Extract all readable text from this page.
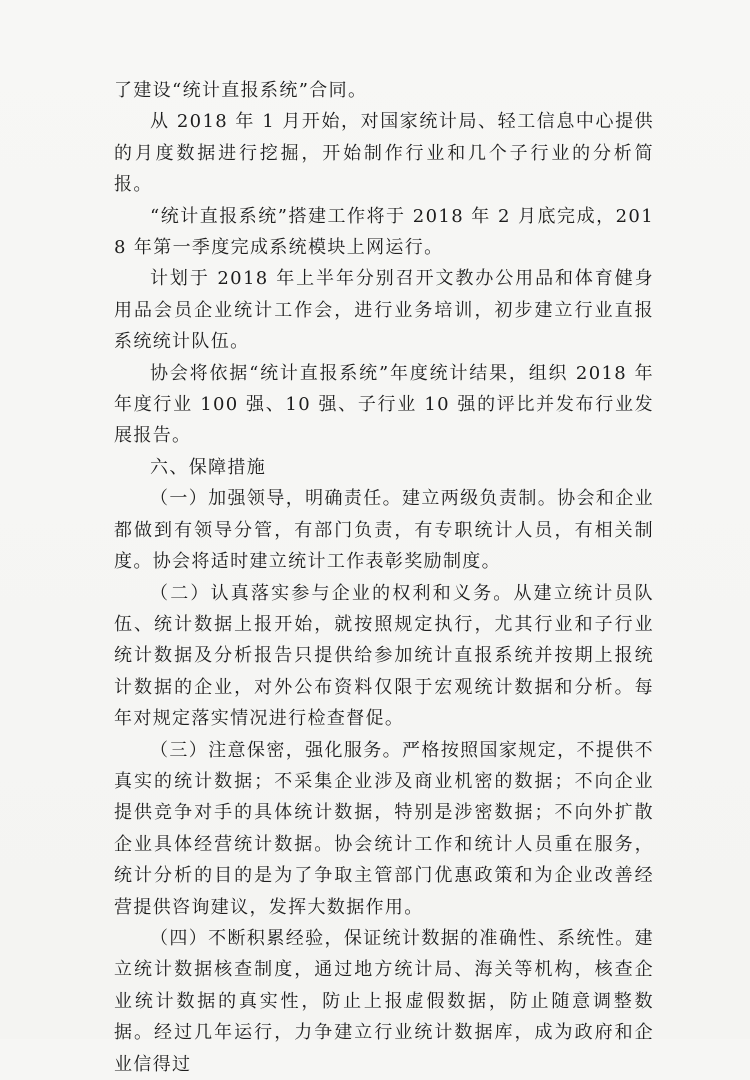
了建设“统计直报系统”合同。

从 2018 年 1 月开始，对国家统计局、轻工信息中心提供的月度数据进行挖掘，开始制作行业和几个子行业的分析简报。

“统计直报系统”搭建工作将于 2018 年 2 月底完成，2018 年第一季度完成系统模块上网运行。

计划于 2018 年上半年分别召开文教办公用品和体育健身用品会员企业统计工作会，进行业务培训，初步建立行业直报系统统计队伍。

协会将依据“统计直报系统”年度统计结果，组织 2018 年年度行业 100 强、10 强、子行业 10 强的评比并发布行业发展报告。

六、保障措施

（一）加强领导，明确责任。建立两级负责制。协会和企业都做到有领导分管，有部门负责，有专职统计人员，有相关制度。协会将适时建立统计工作表彰奖励制度。

（二）认真落实参与企业的权利和义务。从建立统计员队伍、统计数据上报开始，就按照规定执行，尤其行业和子行业统计数据及分析报告只提供给参加统计直报系统并按期上报统计数据的企业，对外公布资料仅限于宏观统计数据和分析。每年对规定落实情况进行检查督促。

（三）注意保密，强化服务。严格按照国家规定，不提供不真实的统计数据；不采集企业涉及商业机密的数据；不向企业提供竞争对手的具体统计数据，特别是涉密数据；不向外扩散企业具体经营统计数据。协会统计工作和统计人员重在服务，统计分析的目的是为了争取主管部门优惠政策和为企业改善经营提供咨询建议，发挥大数据作用。

（四）不断积累经验，保证统计数据的准确性、系统性。建立统计数据核查制度，通过地方统计局、海关等机构，核查企业统计数据的真实性，防止上报虚假数据，防止随意调整数据。经过几年运行，力争建立行业统计数据库，成为政府和企业信得过
